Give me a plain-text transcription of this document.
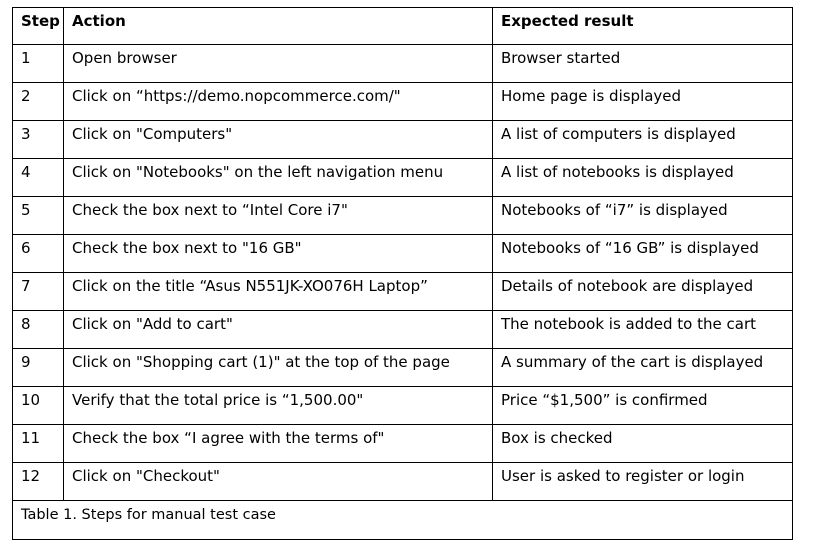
Step	Action	Expected result
1	Open browser	Browser started
2	Click on “https://demo.nopcommerce.com/"	Home page is displayed
3	Click on "Computers"	A list of computers is displayed
4	Click on "Notebooks" on the left navigation menu	A list of notebooks is displayed
5	Check the box next to “Intel Core i7"	Notebooks of “i7” is displayed
6	Check the box next to "16 GB"	Notebooks of “16 GB” is displayed
7	Click on the title “Asus N551JK-XO076H Laptop”	Details of notebook are displayed
8	Click on "Add to cart"	The notebook is added to the cart
9	Click on "Shopping cart (1)" at the top of the page	A summary of the cart is displayed
10	Verify that the total price is “1,500.00"	Price “$1,500” is confirmed
11	Check the box “I agree with the terms of"	Box is checked
12	Click on "Checkout"	User is asked to register or login
Table 1. Steps for manual test case		
